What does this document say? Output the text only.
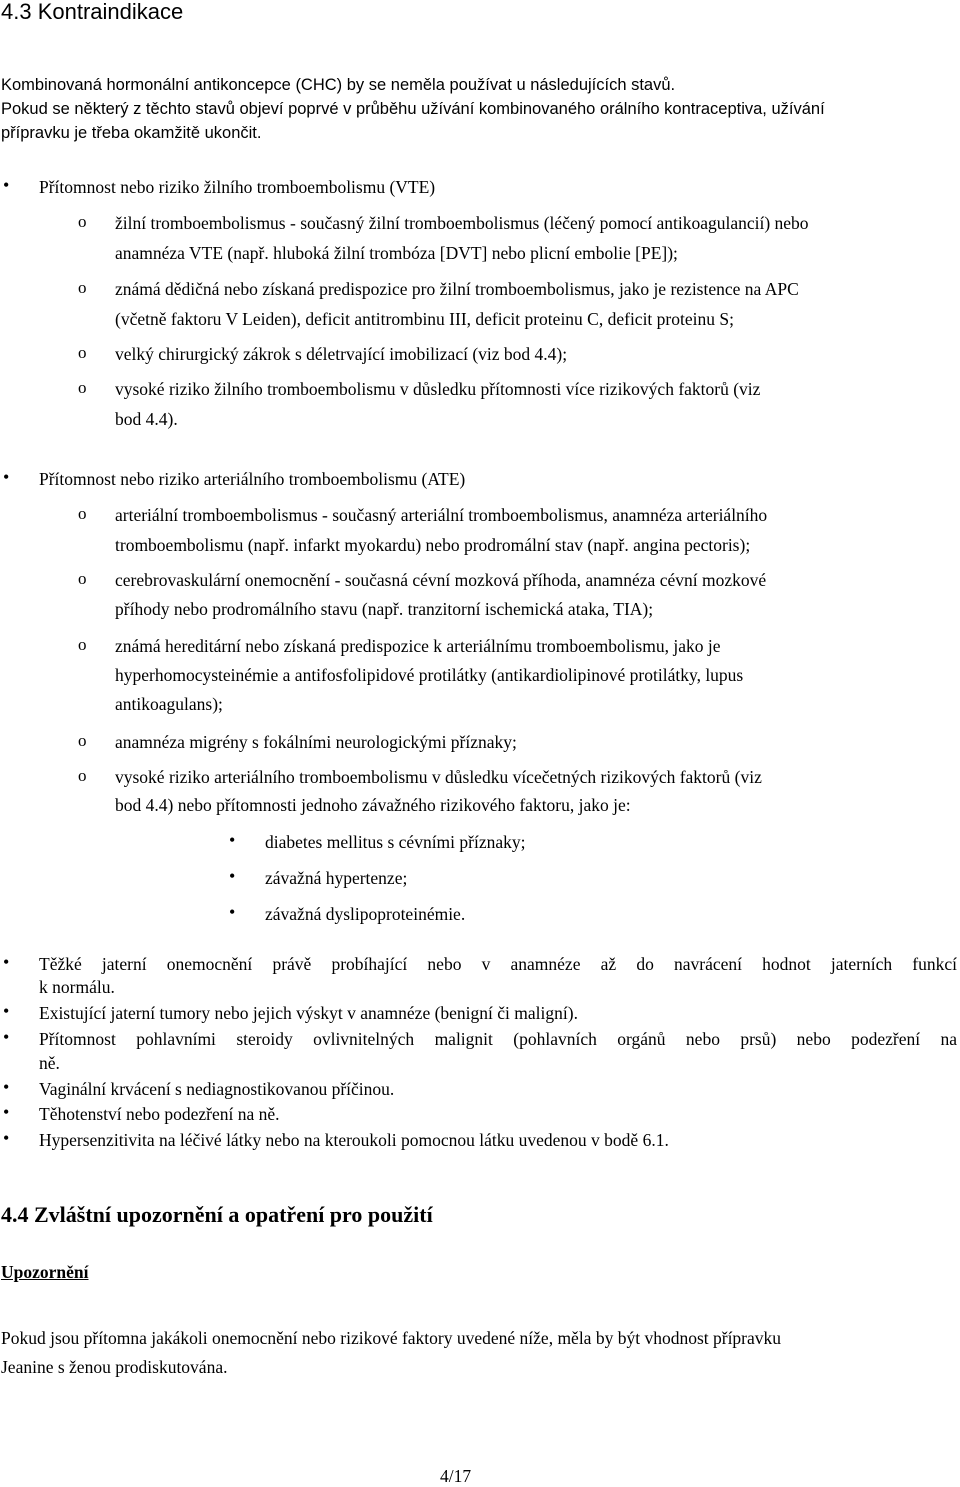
4.3 Kontraindikace
Kombinovaná hormonální antikoncepce (CHC) by se neměla používat u následujících stavů.
Pokud se některý z těchto stavů objeví poprvé v průběhu užívání kombinovaného orálního kontraceptiva, užívání
přípravku je třeba okamžitě ukončit.
• Přítomnost nebo riziko žilního tromboembolismu (VTE)
o žilní tromboembolismus - současný žilní tromboembolismus (léčený pomocí antikoagulancií) nebo
anamnéza VTE (např. hluboká žilní trombóza [DVT] nebo plicní embolie [PE]);
o známá dědičná nebo získaná predispozice pro žilní tromboembolismus, jako je rezistence na APC
(včetně faktoru V Leiden), deficit antitrombinu III, deficit proteinu C, deficit proteinu S;
o velký chirurgický zákrok s déletrvající imobilizací (viz bod 4.4);
o vysoké riziko žilního tromboembolismu v důsledku přítomnosti více rizikových faktorů (viz
bod 4.4).
• Přítomnost nebo riziko arteriálního tromboembolismu (ATE)
o arteriální tromboembolismus - současný arteriální tromboembolismus, anamnéza arteriálního
tromboembolismu (např. infarkt myokardu) nebo prodromální stav (např. angina pectoris);
o cerebrovaskulární onemocnění - současná cévní mozková příhoda, anamnéza cévní mozkové
příhody nebo prodromálního stavu (např. tranzitorní ischemická ataka, TIA);
o známá hereditární nebo získaná predispozice k arteriálnímu tromboembolismu, jako je
hyperhomocysteinémie a antifosfolipidové protilátky (antikardiolipinové protilátky, lupus
antikoagulans);
o anamnéza migrény s fokálními neurologickými příznaky;
o vysoké riziko arteriálního tromboembolismu v důsledku vícečetných rizikových faktorů (viz
bod 4.4) nebo přítomnosti jednoho závažného rizikového faktoru, jako je:
• diabetes mellitus s cévními příznaky;
• závažná hypertenze;
• závažná dyslipoproteinémie.
• Těžké jaterní onemocnění právě probíhající nebo v anamnéze až do navrácení hodnot jaterních funkcí
k normálu.
• Existující jaterní tumory nebo jejich výskyt v anamnéze (benigní či maligní).
• Přítomnost pohlavními steroidy ovlivnitelných malignit (pohlavních orgánů nebo prsů) nebo podezření na
ně.
• Vaginální krvácení s nediagnostikovanou příčinou.
• Těhotenství nebo podezření na ně.
• Hypersenzitivita na léčivé látky nebo na kteroukoli pomocnou látku uvedenou v bodě 6.1.
4.4 Zvláštní upozornění a opatření pro použití
Upozornění
Pokud jsou přítomna jakákoli onemocnění nebo rizikové faktory uvedené níže, měla by být vhodnost přípravku
Jeanine s ženou prodiskutována.
4/17
